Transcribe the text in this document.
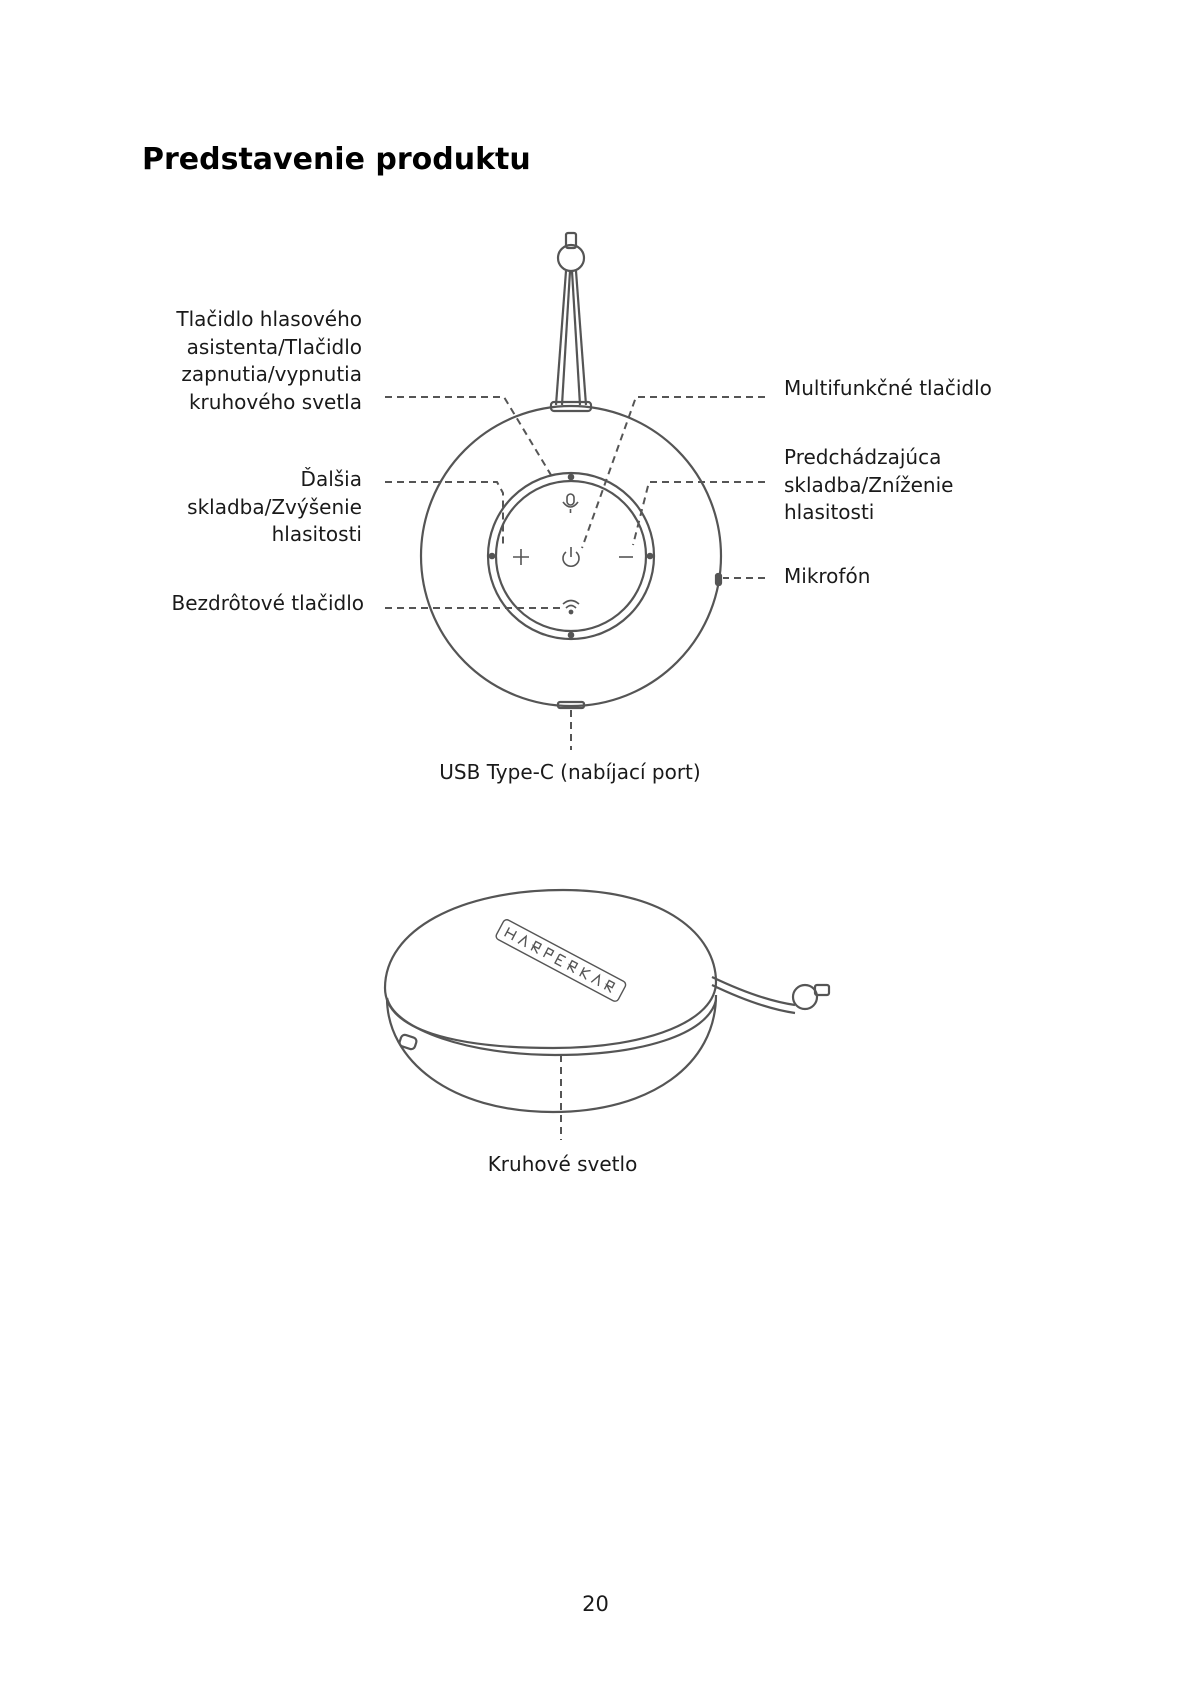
Predstavenie produktu
Tlačidlo hlasového
asistenta/Tlačidlo
zapnutia/vypnutia
kruhového svetla
Ďalšia
skladba/Zvýšenie
hlasitosti
Bezdrôtové tlačidlo
Multifunkčné tlačidlo
Predchádzajúca
skladba/Zníženie
hlasitosti
Mikrofón
USB Type-C (nabíjací port)
Kruhové svetlo
20
